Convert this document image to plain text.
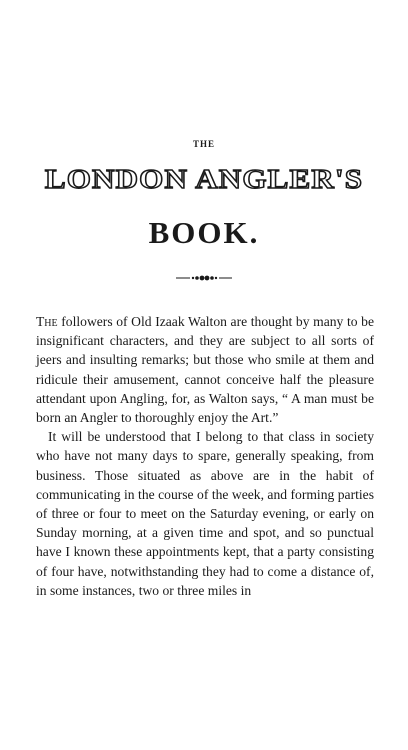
THE
LONDON ANGLER'S
BOOK.

The followers of Old Izaak Walton are thought by many to be insignificant characters, and they are subject to all sorts of jeers and insulting remarks; but those who smile at them and ridicule their amusement, cannot conceive half the pleasure attendant upon Angling, for, as Walton says, “ A man must be born an Angler to thoroughly enjoy the Art.”

It will be understood that I belong to that class in society who have not many days to spare, generally speaking, from business. Those situated as above are in the habit of communicating in the course of the week, and forming parties of three or four to meet on the Saturday evening, or early on Sunday morning, at a given time and spot, and so punctual have I known these appointments kept, that a party consisting of four have, notwithstanding they had to come a distance of, in some instances, two or three miles in
